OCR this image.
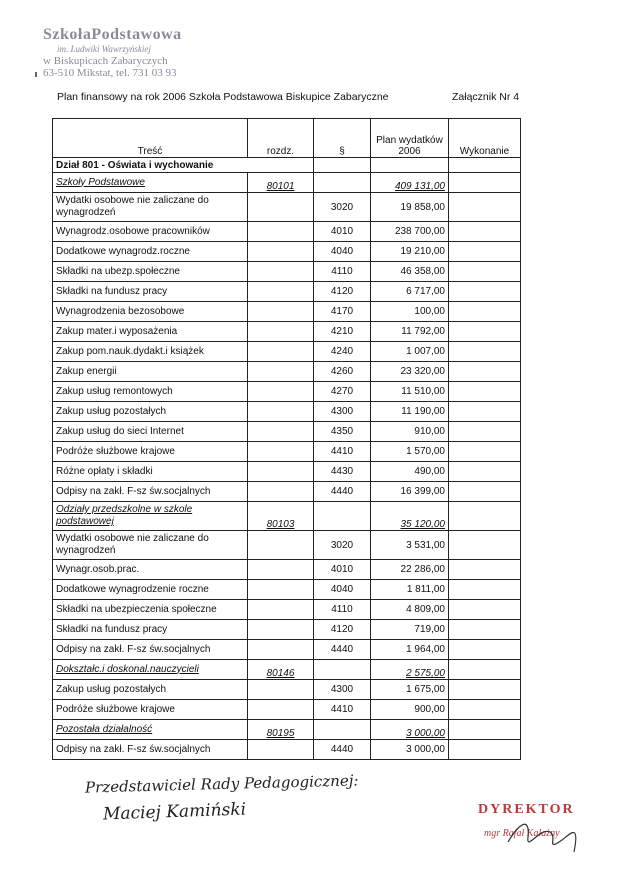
SzkołaPodstawowa
im. Ludwiki Wawrzyńskiej
w Biskupicach Zabaryczych
63-510 Mikstat, tel. 731 03 93
Plan finansowy na rok 2006 Szkoła Podstawowa Biskupice Zabaryczne	Załącznik Nr 4
Treść	rozdz.	§	Plan wydatków 2006	Wykonanie
Dział 801 - Oświata i wychowanie				
Szkoły Podstawowe	80101		409 131,00	
Wydatki osobowe nie zaliczane do wynagrodzeń		3020	19 858,00	
Wynagrodz.osobowe pracowników		4010	238 700,00	
Dodatkowe wynagrodz.roczne		4040	19 210,00	
Składki na ubezp.społeczne		4110	46 358,00	
Składki na fundusz pracy		4120	6 717,00	
Wynagrodzenia bezosobowe		4170	100,00	
Zakup mater.i wyposażenia		4210	11 792,00	
Zakup pom.nauk.dydakt.i książek		4240	1 007,00	
Zakup energii		4260	23 320,00	
Zakup usług remontowych		4270	11 510,00	
Zakup usług pozostałych		4300	11 190,00	
Zakup usług do sieci Internet		4350	910,00	
Podróże służbowe krajowe		4410	1 570,00	
Różne opłaty i składki		4430	490,00	
Odpisy na zakł. F-sz św.socjalnych		4440	16 399,00	
Odziały przedszkolne w szkole podstawowej	80103		35 120,00	
Wydatki osobowe nie zaliczane do wynagrodzeń		3020	3 531,00	
Wynagr.osob.prac.		4010	22 286,00	
Dodatkowe wynagrodzenie roczne		4040	1 811,00	
Składki na ubezpieczenia społeczne		4110	4 809,00	
Składki na fundusz pracy		4120	719,00	
Odpisy na zakł. F-sz św.socjalnych		4440	1 964,00	
Dokształc.i doskonal.nauczycieli	80146		2 575,00	
Zakup usług pozostałych		4300	1 675,00	
Podróże służbowe krajowe		4410	900,00	
Pozostała działalność	80195		3 000,00	
Odpisy na zakł. F-sz św.socjalnych		4440	3 000,00	
Przedstawiciel Rady Pedagogicznej:
Maciej Kamiński	DYREKTOR
mgr Rafał Kałażny
